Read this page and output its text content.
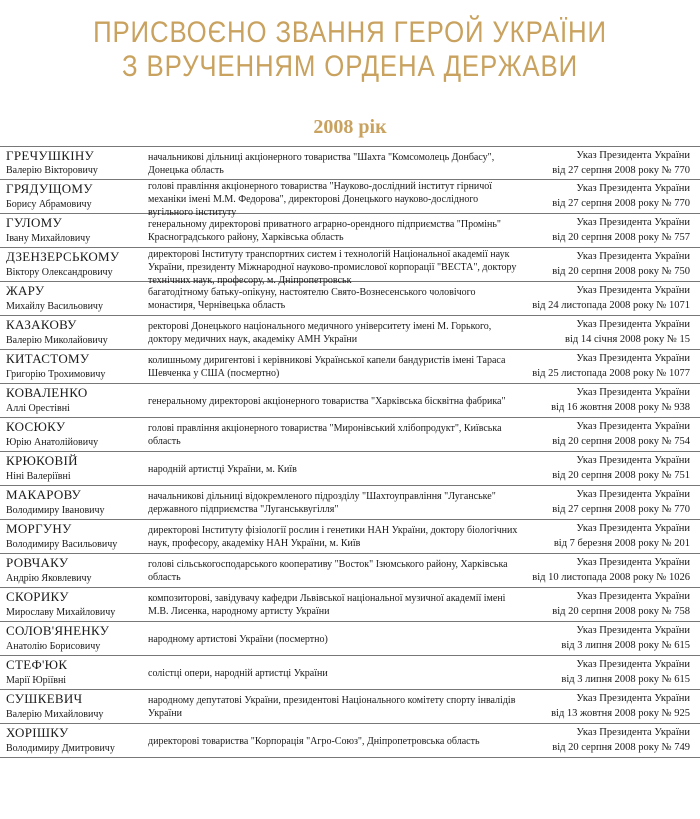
ПРИСВОЄНО ЗВАННЯ ГЕРОЙ УКРАЇНИ
З ВРУЧЕННЯМ ОРДЕНА ДЕРЖАВИ
2008 рік
ГРЕЧУШКІНУ
Валерію Вікторовичу
начальникові дільниці акціонерного товариства "Шахта "Комсомолець Донбасу", Донецька область
Указ Президента України
від 27 серпня 2008 року № 770
ГРЯДУЩОМУ
Борису Абрамовичу
голові правління акціонерного товариства "Науково-дослідний інститут гірничої механіки імені М.М. Федорова", директорові Донецького науково-дослідного вугільного інституту
Указ Президента України
від 27 серпня 2008 року № 770
ГУЛОМУ
Івану Михайловичу
генеральному директорові приватного аграрно-орендного підприємства "Промінь" Красноградського району, Харківська область
Указ Президента України
від 20 серпня 2008 року № 757
ДЗЕНЗЕРСЬКОМУ
Віктору Олександровичу
директорові Інституту транспортних систем і технологій Національної академії наук України, президенту Міжнародної науково-промислової корпорації "ВЕСТА", доктору технічних наук, професору, м. Дніпропетровськ
Указ Президента України
від 20 серпня 2008 року № 750
ЖАРУ
Михайлу Васильовичу
багатодітному батьку-опікуну, настоятелю Свято-Вознесенського чоловічого монастиря, Чернівецька область
Указ Президента України
від 24 листопада 2008 року № 1071
КАЗАКОВУ
Валерію Миколайовичу
ректорові Донецького національного медичного університету імені М. Горького, доктору медичних наук, академіку АМН України
Указ Президента України
від 14 січня 2008 року № 15
КИТАСТОМУ
Григорію Трохимовичу
колишньому диригентові і керівникові Української капели бандуристів імені Тараса Шевченка у США (посмертно)
Указ Президента України
від 25 листопада 2008 року № 1077
КОВАЛЕНКО
Аллі Орестівні
генеральному директорові акціонерного товариства "Харківська бісквітна фабрика"
Указ Президента України
від 16 жовтня 2008 року № 938
КОСЮКУ
Юрію Анатолійовичу
голові правління акціонерного товариства "Миронівський хлібопродукт", Київська область
Указ Президента України
від 20 серпня 2008 року № 754
КРЮКОВІЙ
Ніні Валеріївні
народній артистці України, м. Київ
Указ Президента України
від 20 серпня 2008 року № 751
МАКАРОВУ
Володимиру Івановичу
начальникові дільниці відокремленого підрозділу "Шахтоуправління "Луганське" державного підприємства "Луганськвугілля"
Указ Президента України
від 27 серпня 2008 року № 770
МОРГУНУ
Володимиру Васильовичу
директорові Інституту фізіології рослин і генетики НАН України, доктору біологічних наук, професору, академіку НАН України, м. Київ
Указ Президента України
від 7 березня 2008 року № 201
РОВЧАКУ
Андрію Яковлевичу
голові сільськогосподарського кооперативу "Восток" Ізюмського району, Харківська область
Указ Президента України
від 10 листопада 2008 року № 1026
СКОРИКУ
Мирославу Михайловичу
композиторові, завідувачу кафедри Львівської національної музичної академії імені М.В. Лисенка, народному артисту України
Указ Президента України
від 20 серпня 2008 року № 758
СОЛОВ'ЯНЕНКУ
Анатолію Борисовичу
народному артистові України (посмертно)
Указ Президента України
від 3 липня 2008 року № 615
СТЕФ'ЮК
Марії Юріївні
солістці опери, народній артистці України
Указ Президента України
від 3 липня 2008 року № 615
СУШКЕВИЧ
Валерію Михайловичу
народному депутатові України, президентові Національного комітету спорту інвалідів України
Указ Президента України
від 13 жовтня 2008 року № 925
ХОРІШКУ
Володимиру Дмитровичу
директорові товариства "Корпорація "Агро-Союз", Дніпропетровська область
Указ Президента України
від 20 серпня 2008 року № 749
